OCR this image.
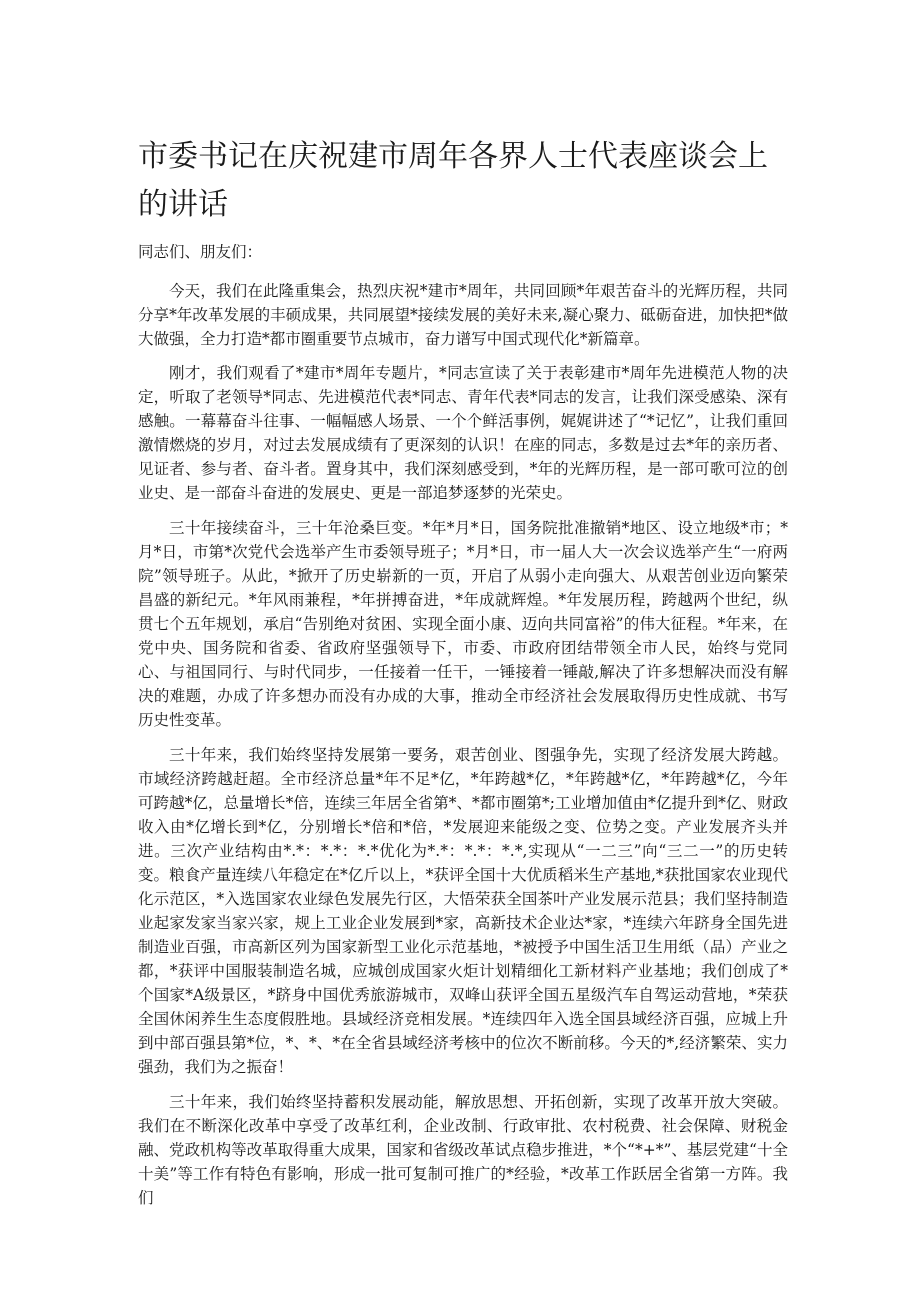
市委书记在庆祝建市周年各界人士代表座谈会上的讲话

同志们、朋友们：

今天，我们在此隆重集会，热烈庆祝*建市*周年，共同回顾*年艰苦奋斗的光辉历程，共同分享*年改革发展的丰硕成果，共同展望*接续发展的美好未来,凝心聚力、砥砺奋进，加快把*做大做强，全力打造*都市圈重要节点城市，奋力谱写中国式现代化*新篇章。

刚才，我们观看了*建市*周年专题片，*同志宣读了关于表彰建市*周年先进模范人物的决定，听取了老领导*同志、先进模范代表*同志、青年代表*同志的发言，让我们深受感染、深有感触。一幕幕奋斗往事、一幅幅感人场景、一个个鲜活事例，娓娓讲述了“*记忆”，让我们重回激情燃烧的岁月，对过去发展成绩有了更深刻的认识！在座的同志，多数是过去*年的亲历者、见证者、参与者、奋斗者。置身其中，我们深刻感受到，*年的光辉历程，是一部可歌可泣的创业史、是一部奋斗奋进的发展史、更是一部追梦逐梦的光荣史。

三十年接续奋斗，三十年沧桑巨变。*年*月*日，国务院批准撤销*地区、设立地级*市；*月*日，市第*次党代会选举产生市委领导班子；*月*日，市一届人大一次会议选举产生“一府两院”领导班子。从此，*掀开了历史崭新的一页，开启了从弱小走向强大、从艰苦创业迈向繁荣昌盛的新纪元。*年风雨兼程，*年拼搏奋进，*年成就辉煌。*年发展历程，跨越两个世纪，纵贯七个五年规划，承启“告别绝对贫困、实现全面小康、迈向共同富裕”的伟大征程。*年来，在党中央、国务院和省委、省政府坚强领导下，市委、市政府团结带领全市人民，始终与党同心、与祖国同行、与时代同步，一任接着一任干，一锤接着一锤敲,解决了许多想解决而没有解决的难题，办成了许多想办而没有办成的大事，推动全市经济社会发展取得历史性成就、书写历史性变革。

三十年来，我们始终坚持发展第一要务，艰苦创业、图强争先，实现了经济发展大跨越。市域经济跨越赶超。全市经济总量*年不足*亿，*年跨越*亿，*年跨越*亿，*年跨越*亿，今年可跨越*亿，总量增长*倍，连续三年居全省第*、*都市圈第*;工业增加值由*亿提升到*亿、财政收入由*亿增长到*亿，分别增长*倍和*倍，*发展迎来能级之变、位势之变。产业发展齐头并进。三次产业结构由*.*：*.*：*.*优化为*.*：*.*：*.*,实现从“一二三”向“三二一”的历史转变。粮食产量连续八年稳定在*亿斤以上，*获评全国十大优质稻米生产基地,*获批国家农业现代化示范区，*入选国家农业绿色发展先行区，大悟荣获全国茶叶产业发展示范县；我们坚持制造业起家发家当家兴家，规上工业企业发展到*家，高新技术企业达*家，*连续六年跻身全国先进制造业百强，市高新区列为国家新型工业化示范基地，*被授予中国生活卫生用纸（品）产业之都，*获评中国服装制造名城，应城创成国家火炬计划精细化工新材料产业基地；我们创成了*个国家*A级景区，*跻身中国优秀旅游城市，双峰山获评全国五星级汽车自驾运动营地，*荣获全国休闲养生生态度假胜地。县域经济竞相发展。*连续四年入选全国县域经济百强，应城上升到中部百强县第*位，*、*、*在全省县域经济考核中的位次不断前移。今天的*,经济繁荣、实力强劲，我们为之振奋！

三十年来，我们始终坚持蓄积发展动能，解放思想、开拓创新，实现了改革开放大突破。我们在不断深化改革中享受了改革红利，企业改制、行政审批、农村税费、社会保障、财税金融、党政机构等改革取得重大成果，国家和省级改革试点稳步推进，*个“*+*”、基层党建“十全十美”等工作有特色有影响，形成一批可复制可推广的*经验，*改革工作跃居全省第一方阵。我们
